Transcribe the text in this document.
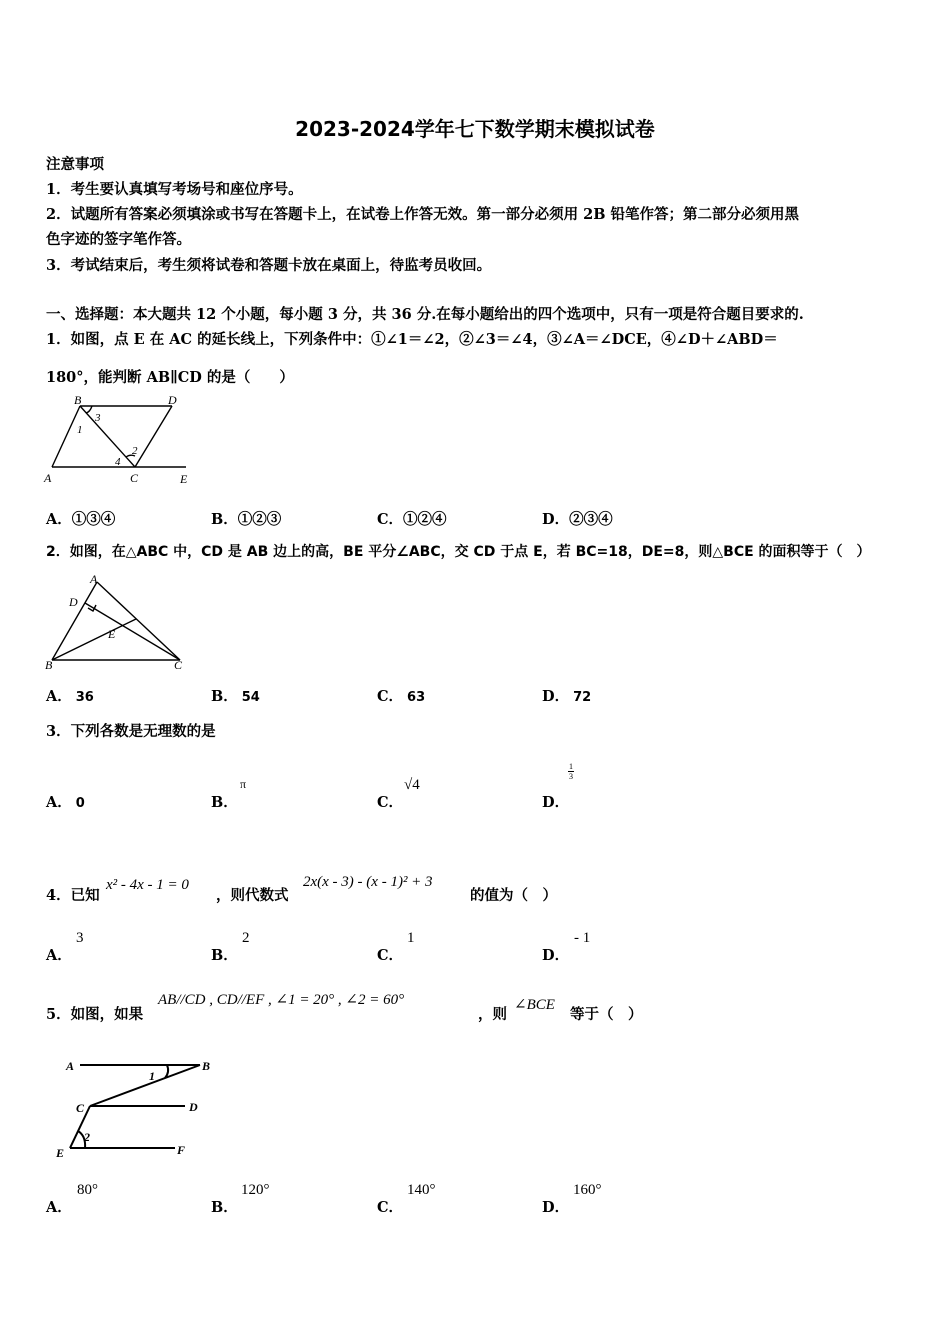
2023-2024学年七下数学期末模拟试卷
注意事项
1．考生要认真填写考场号和座位序号。
2．试题所有答案必须填涂或书写在答题卡上，在试卷上作答无效。第一部分必须用 2B 铅笔作答；第二部分必须用黑
色字迹的签字笔作答。
3．考试结束后，考生须将试卷和答题卡放在桌面上，待监考员收回。
一、选择题：本大题共 12 个小题，每小题 3 分，共 36 分.在每小题给出的四个选项中，只有一项是符合题目要求的.
1．如图，点 E 在 AC 的延长线上，下列条件中：①∠1＝∠2，②∠3＝∠4，③∠A＝∠DCE，④∠D＋∠ABD＝
180°，能判断 AB∥CD 的是（　　）
B	D
A	C	E
3
1
2
4
A．①③④	B．①②③	C．①②④	D．②③④
2．如图，在△ABC 中，CD 是 AB 边上的高，BE 平分∠ABC，交 CD 于点 E，若 BC=18，DE=8，则△BCE 的面积等于（　）
A
D
E
B	C
A． 36	B． 54	C． 63	D． 72
3．下列各数是无理数的是
A． 0	B．
π
C．
√4
D．
$\frac{1}{3}$
4．已知
x² - 4x - 1 = 0
，则代数式
2x(x - 3) - (x - 1)² + 3
的值为（　）
A．
3
B．
2
C．
1
D．
- 1
5．如图，如果
AB//CD , CD//EF , ∠1 = 20° , ∠2 = 60°
，则
∠BCE
等于（　）
A	B
C	D
E	F
1
2
A．
80°
B．
120°
C．
140°
D．
160°
